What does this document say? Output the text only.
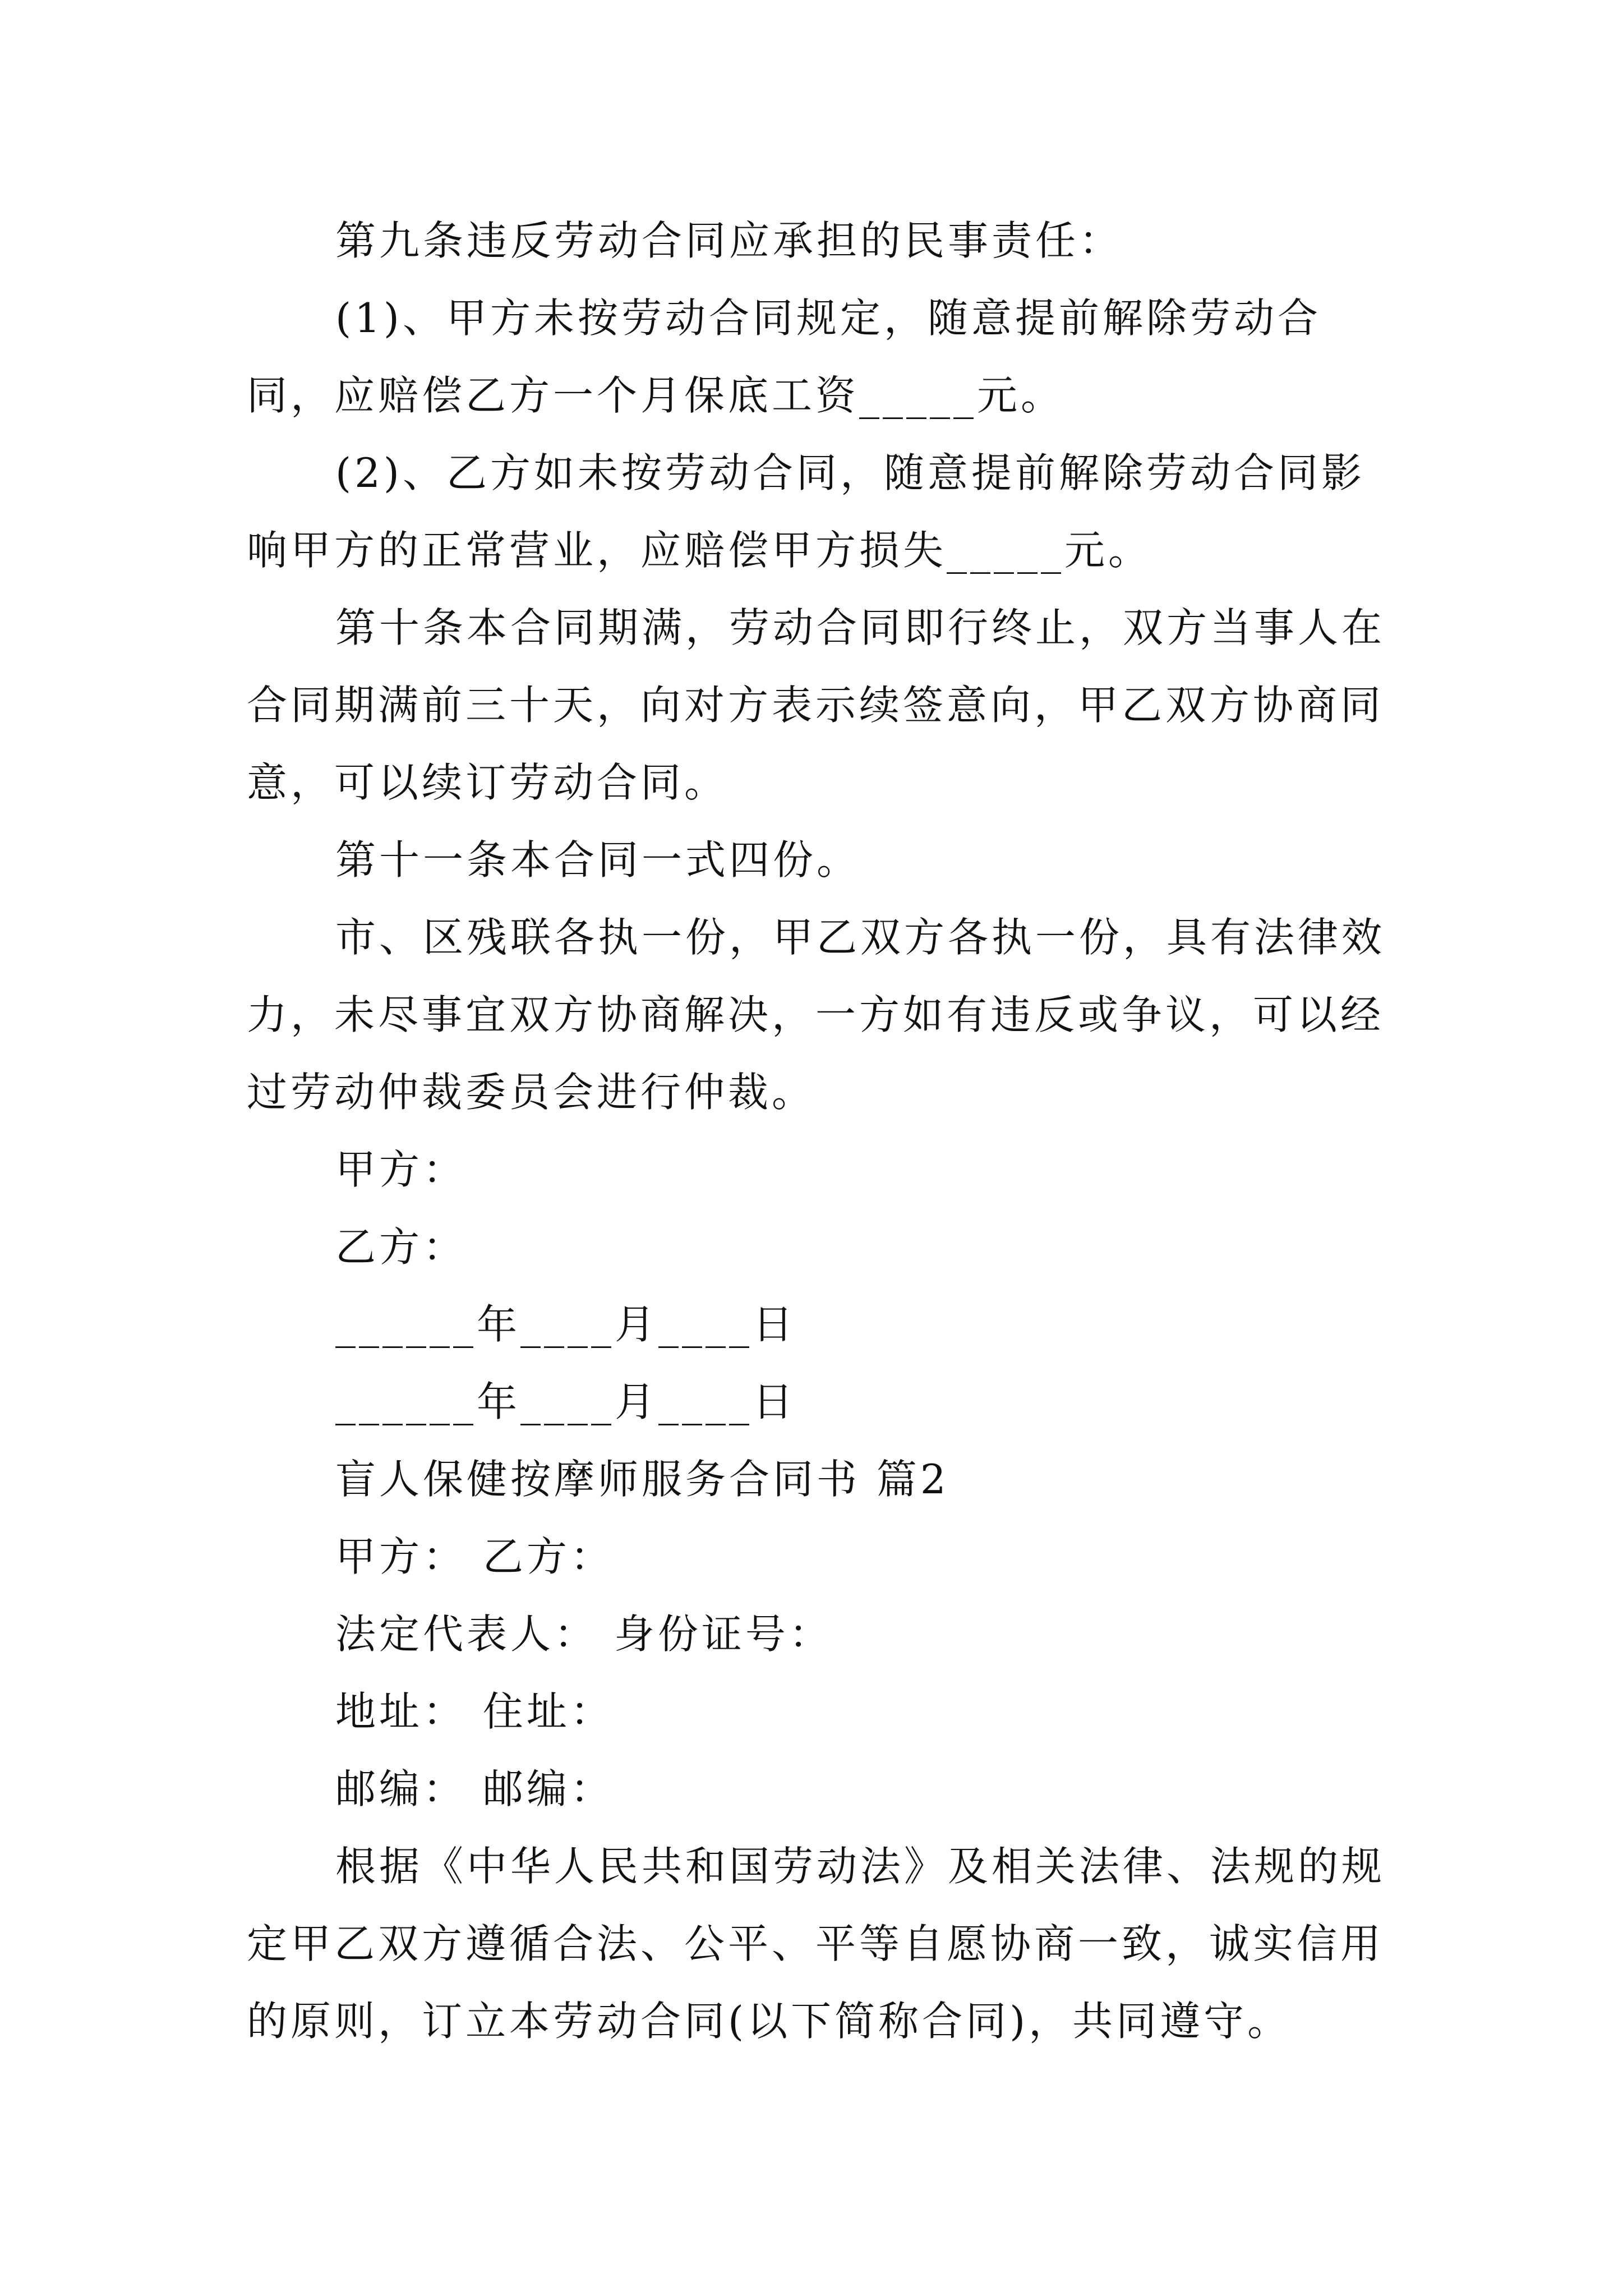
第九条违反劳动合同应承担的民事责任：

(1)、甲方未按劳动合同规定，随意提前解除劳动合同，应赔偿乙方一个月保底工资_____元。

(2)、乙方如未按劳动合同，随意提前解除劳动合同影响甲方的正常营业，应赔偿甲方损失_____元。

第十条本合同期满，劳动合同即行终止，双方当事人在合同期满前三十天，向对方表示续签意向，甲乙双方协商同意，可以续订劳动合同。

第十一条本合同一式四份。

市、区残联各执一份，甲乙双方各执一份，具有法律效力，未尽事宜双方协商解决，一方如有违反或争议，可以经过劳动仲裁委员会进行仲裁。

甲方：

乙方：

______年____月____日

______年____月____日

盲人保健按摩师服务合同书 篇2

甲方： 乙方：

法定代表人： 身份证号：

地址： 住址：

邮编： 邮编：

根据《中华人民共和国劳动法》及相关法律、法规的规定甲乙双方遵循合法、公平、平等自愿协商一致，诚实信用的原则，订立本劳动合同(以下简称合同)，共同遵守。
